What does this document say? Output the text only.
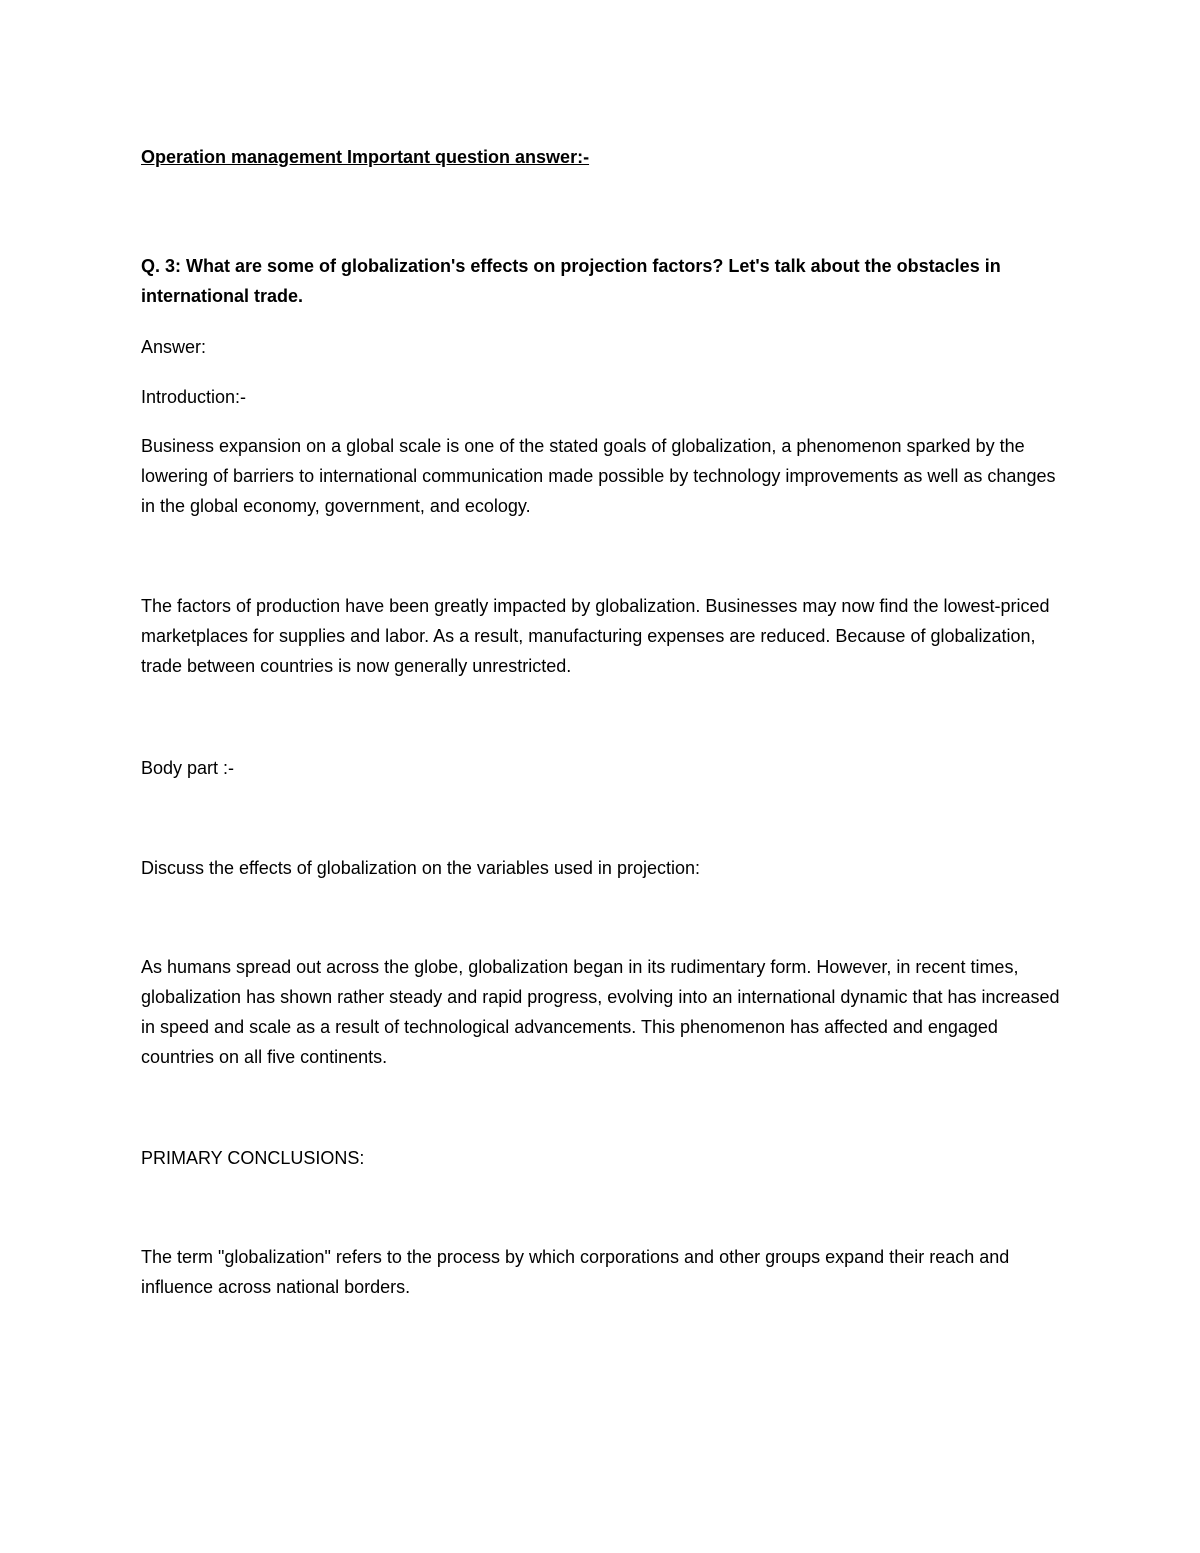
Operation management Important question answer:-

Q. 3: What are some of globalization's effects on projection factors? Let's talk about the obstacles in international trade.

Answer:

Introduction:-

Business expansion on a global scale is one of the stated goals of globalization, a phenomenon sparked by the lowering of barriers to international communication made possible by technology improvements as well as changes in the global economy, government, and ecology.

The factors of production have been greatly impacted by globalization. Businesses may now find the lowest-priced marketplaces for supplies and labor. As a result, manufacturing expenses are reduced. Because of globalization, trade between countries is now generally unrestricted.

Body part :-

Discuss the effects of globalization on the variables used in projection:

As humans spread out across the globe, globalization began in its rudimentary form. However, in recent times, globalization has shown rather steady and rapid progress, evolving into an international dynamic that has increased in speed and scale as a result of technological advancements. This phenomenon has affected and engaged countries on all five continents.

PRIMARY CONCLUSIONS:

The term "globalization" refers to the process by which corporations and other groups expand their reach and influence across national borders.
